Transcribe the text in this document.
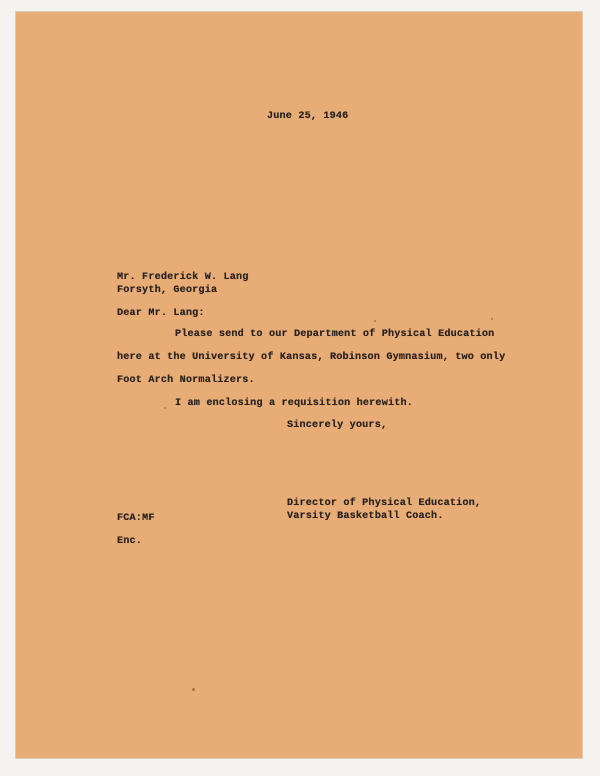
June 25, 1946
Mr. Frederick W. Lang
Forsyth, Georgia
Dear Mr. Lang:
Please send to our Department of Physical Education
here at the University of Kansas, Robinson Gymnasium, two only
Foot Arch Normalizers.
I am enclosing a requisition herewith.
Sincerely yours,
Director of Physical Education,
Varsity Basketball Coach.
FCA:MF
Enc.
